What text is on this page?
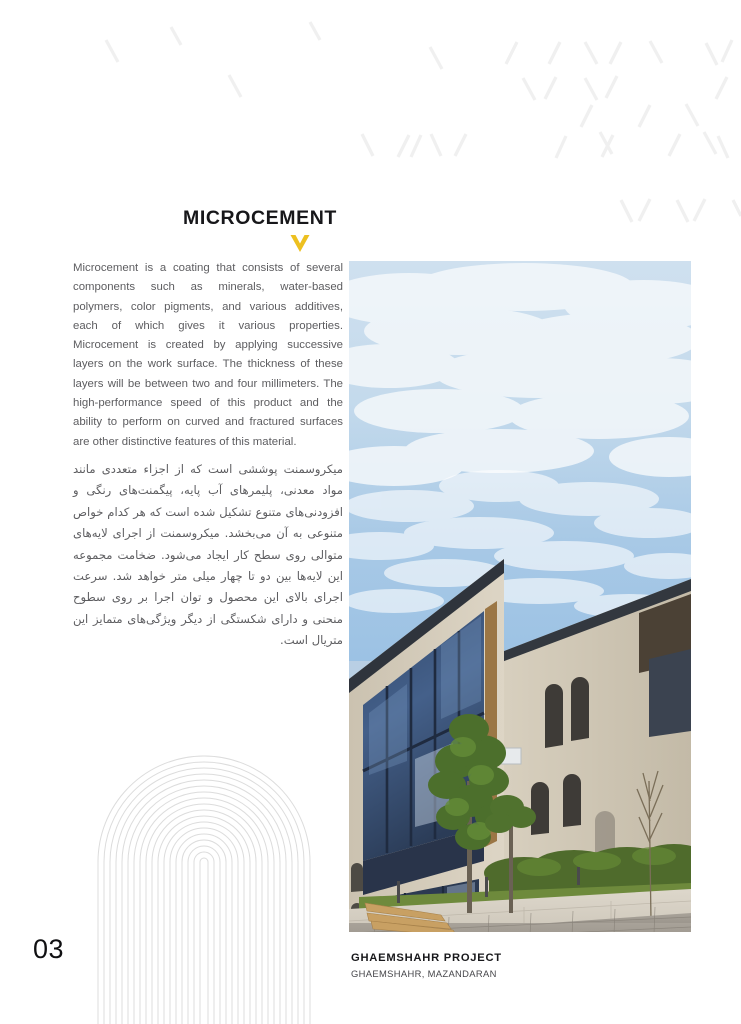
MICROCEMENT

Microcement is a coating that consists of several components such as minerals, water-based polymers, color pigments, and various additives, each of which gives it various properties. Microcement is created by applying successive layers on the work surface. The thickness of these layers will be between two and four millimeters. The high-performance speed of this product and the ability to perform on curved and fractured surfaces are other distinctive features of this material.

میکروسمنت پوششی است که از اجزاء متعددی مانند مواد معدنی، پلیمرهای آب پایه، پیگمنت‌های رنگی و افزودنی‌های متنوع تشکیل شده است که هر کدام خواص متنوعی به آن می‌بخشد. میکروسمنت از اجرای لایه‌های متوالی روی سطح کار ایجاد می‌شود. ضخامت مجموعه این لایه‌ها بین دو تا چهار میلی متر خواهد شد. سرعت اجرای بالای این محصول و توان اجرا بر روی سطوح منحنی و دارای شکستگی از دیگر ویژگی‌های متمایز این متریال است.

GHAEMSHAHR PROJECT
GHAEMSHAHR, MAZANDARAN
03
